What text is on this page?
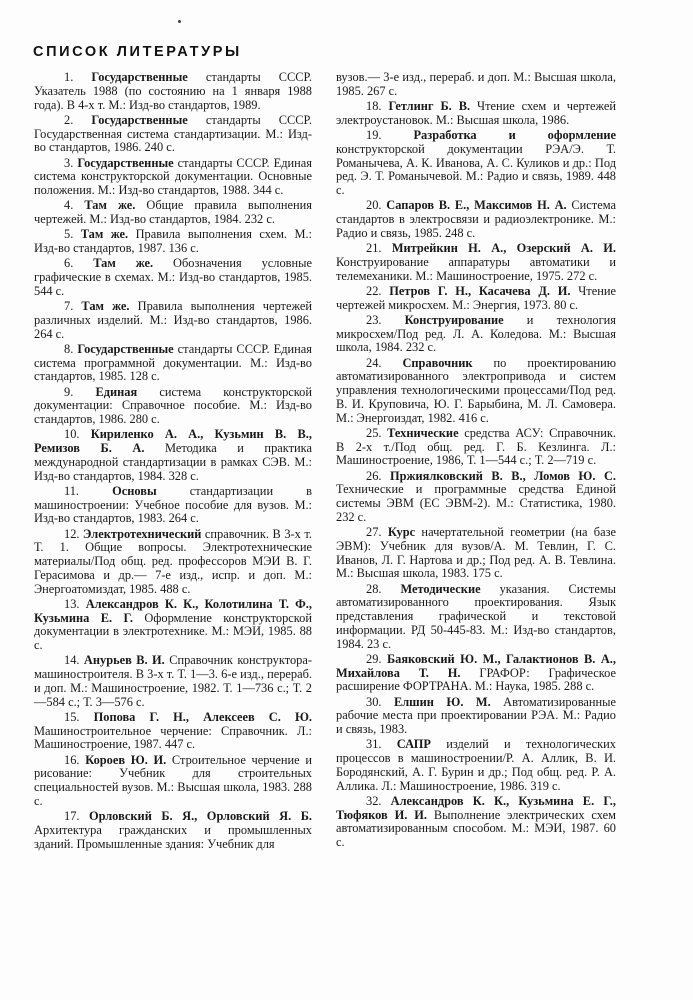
СПИСОК ЛИТЕРАТУРЫ

1. Государственные стандарты СССР. Указатель 1988 (по состоянию на 1 января 1988 года). В 4-х т. М.: Изд-во стандартов, 1989.

2. Государственные стандарты СССР. Государственная система стандартизации. М.: Изд-во стандартов, 1986. 240 с.

3. Государственные стандарты СССР. Единая система конструкторской документации. Основные положения. М.: Изд-во стандартов, 1988. 344 с.

4. Там же. Общие правила выполнения чертежей. М.: Изд-во стандартов, 1984. 232 с.

5. Там же. Правила выполнения схем. М.: Изд-во стандартов, 1987. 136 с.

6. Там же. Обозначения условные графические в схемах. М.: Изд-во стандартов, 1985. 544 с.

7. Там же. Правила выполнения чертежей различных изделий. М.: Изд-во стандартов, 1986. 264 с.

8. Государственные стандарты СССР. Единая система программной документации. М.: Изд-во стандартов, 1985. 128 с.

9. Единая система конструкторской документации: Справочное пособие. М.: Изд-во стандартов, 1986. 280 с.

10. Кириленко А. А., Кузьмин В. В., Ремизов Б. А. Методика и практика международной стандартизации в рамках СЭВ. М.: Изд-во стандартов, 1984. 328 с.

11. Основы стандартизации в машиностроении: Учебное пособие для вузов. М.: Изд-во стандартов, 1983. 264 с.

12. Электротехнический справочник. В 3-х т. Т. 1. Общие вопросы. Электротехнические материалы/Под общ. ред. профессоров МЭИ В. Г. Герасимова и др.— 7-е изд., испр. и доп. М.: Энергоатомиздат, 1985. 488 с.

13. Александров К. К., Колотилина Т. Ф., Кузьмина Е. Г. Оформление конструкторской документации в электротехнике. М.: МЭИ, 1985. 88 с.

14. Анурьев В. И. Справочник конструктора-машиностроителя. В 3-х т. Т. 1—3. 6-е изд., перераб. и доп. М.: Машиностроение, 1982. Т. 1—736 с.; Т. 2—584 с.; Т. 3—576 с.

15. Попова Г. Н., Алексеев С. Ю. Машиностроительное черчение: Справочник. Л.: Машиностроение, 1987. 447 с.

16. Короев Ю. И. Строительное черчение и рисование: Учебник для строительных специальностей вузов. М.: Высшая школа, 1983. 288 с.

17. Орловский Б. Я., Орловский Я. Б. Архитектура гражданских и промышленных зданий. Промышленные здания: Учебник для

вузов.— 3-е изд., перераб. и доп. М.: Высшая школа, 1985. 267 с.

18. Гетлинг Б. В. Чтение схем и чертежей электроустановок. М.: Высшая школа, 1986.

19. Разработка и оформление конструкторской документации РЭА/Э. Т. Романычева, А. К. Иванова, А. С. Куликов и др.: Под ред. Э. Т. Романычевой. М.: Радио и связь, 1989. 448 с.

20. Сапаров В. Е., Максимов Н. А. Система стандартов в электросвязи и радиоэлектронике. М.: Радио и связь, 1985. 248 с.

21. Митрейкин Н. А., Озерский А. И. Конструирование аппаратуры автоматики и телемеханики. М.: Машиностроение, 1975. 272 с.

22. Петров Г. Н., Касачева Д. И. Чтение чертежей микросхем. М.: Энергия, 1973. 80 с.

23. Конструирование и технология микросхем/Под ред. Л. А. Коледова. М.: Высшая школа, 1984. 232 с.

24. Справочник по проектированию автоматизированного электропривода и систем управления технологическими процессами/Под ред. В. И. Круповича, Ю. Г. Барыбина, М. Л. Самовера. М.: Энергоиздат, 1982. 416 с.

25. Технические средства АСУ: Справочник. В 2-х т./Под общ. ред. Г. Б. Кезлинга. Л.: Машиностроение, 1986, Т. 1—544 с.; Т. 2—719 с.

26. Пржиялковский В. В., Ломов Ю. С. Технические и программные средства Единой системы ЭВМ (ЕС ЭВМ-2). М.: Статистика, 1980. 232 с.

27. Курс начертательной геометрии (на базе ЭВМ): Учебник для вузов/А. М. Тевлин, Г. С. Иванов, Л. Г. Нартова и др.; Под ред. А. В. Тевлина. М.: Высшая школа, 1983. 175 с.

28. Методические указания. Системы автоматизированного проектирования. Язык представления графической и текстовой информации. РД 50-445-83. М.: Изд-во стандартов, 1984. 23 с.

29. Баяковский Ю. М., Галактионов В. А., Михайлова Т. Н. ГРАФОР: Графическое расширение ФОРТРАНА. М.: Наука, 1985. 288 с.

30. Елшин Ю. М. Автоматизированные рабочие места при проектировании РЭА. М.: Радио и связь, 1983.

31. САПР изделий и технологических процессов в машиностроении/Р. А. Аллик, В. И. Бородянский, А. Г. Бурин и др.; Под общ. ред. Р. А. Аллика. Л.: Машиностроение, 1986. 319 с.

32. Александров К. К., Кузьмина Е. Г., Тюфяков И. И. Выполнение электрических схем автоматизированным способом. М.: МЭИ, 1987. 60 с.
